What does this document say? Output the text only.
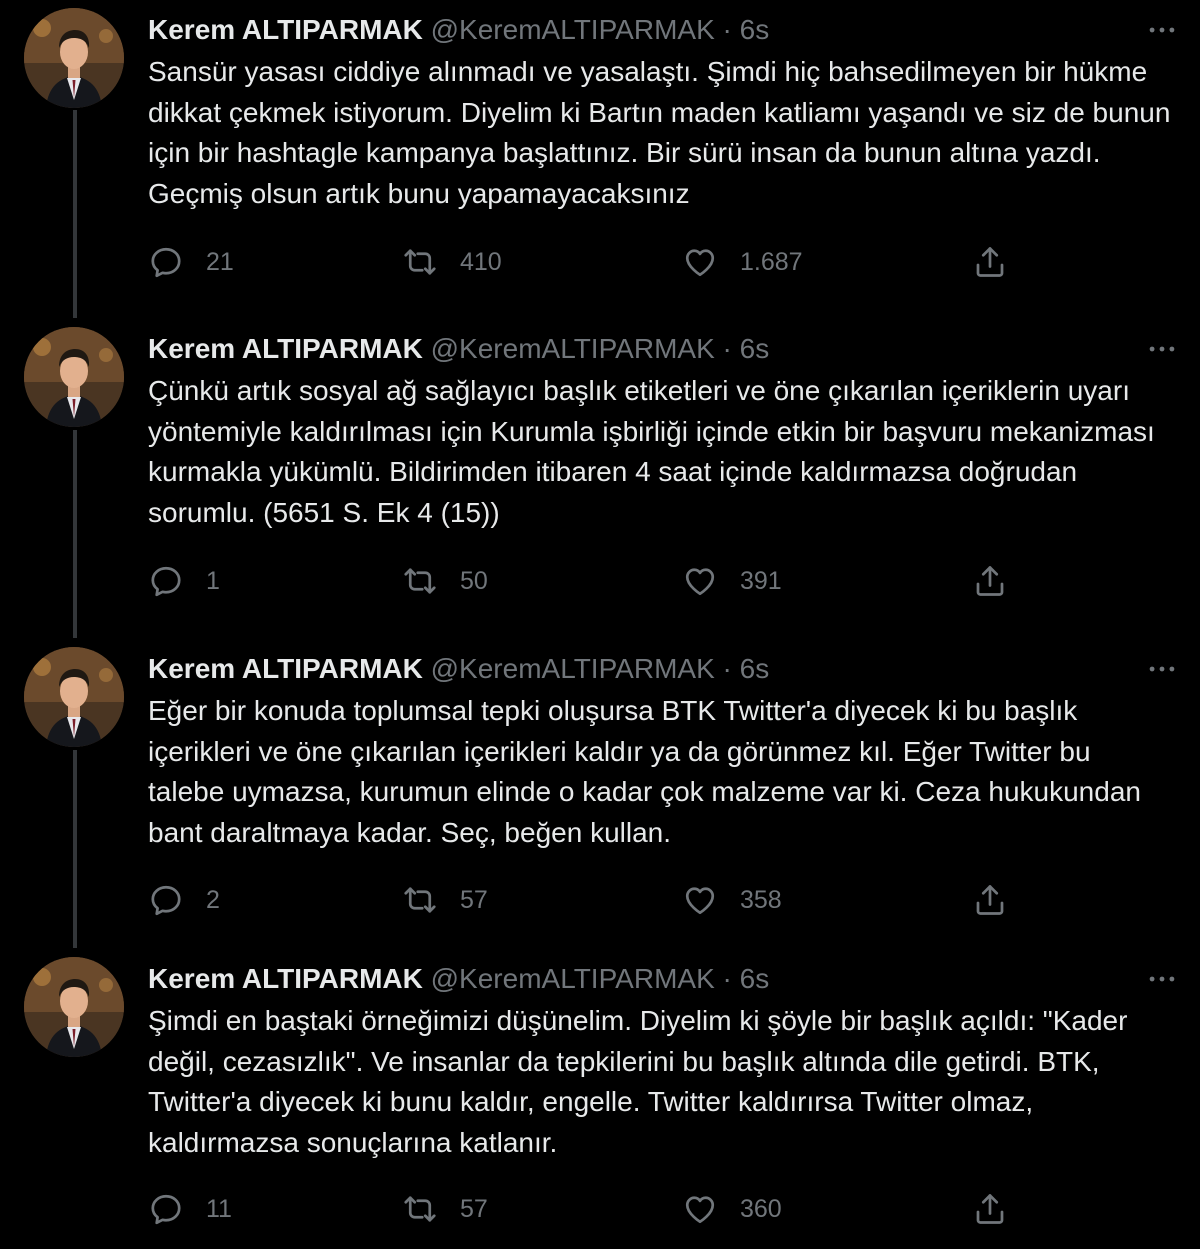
Kerem ALTIPARMAK @KeremALTIPARMAK · 6s
Sansür yasası ciddiye alınmadı ve yasalaştı. Şimdi hiç bahsedilmeyen bir hükme dikkat çekmek istiyorum. Diyelim ki Bartın maden katliamı yaşandı ve siz de bunun için bir hashtagle kampanya başlattınız. Bir sürü insan da bunun altına yazdı. Geçmiş olsun artık bunu yapamayacaksınız
21	410	1.687
Kerem ALTIPARMAK @KeremALTIPARMAK · 6s
Çünkü artık sosyal ağ sağlayıcı başlık etiketleri ve öne çıkarılan içeriklerin uyarı yöntemiyle kaldırılması için Kurumla işbirliği içinde etkin bir başvuru mekanizması kurmakla yükümlü. Bildirimden itibaren 4 saat içinde kaldırmazsa doğrudan sorumlu. (5651 S. Ek 4 (15))
1	50	391
Kerem ALTIPARMAK @KeremALTIPARMAK · 6s
Eğer bir konuda toplumsal tepki oluşursa BTK Twitter'a diyecek ki bu başlık içerikleri ve öne çıkarılan içerikleri kaldır ya da görünmez kıl. Eğer Twitter bu talebe uymazsa, kurumun elinde o kadar çok malzeme var ki. Ceza hukukundan bant daraltmaya kadar. Seç, beğen kullan.
2	57	358
Kerem ALTIPARMAK @KeremALTIPARMAK · 6s
Şimdi en baştaki örneğimizi düşünelim. Diyelim ki şöyle bir başlık açıldı: "Kader değil, cezasızlık". Ve insanlar da tepkilerini bu başlık altında dile getirdi. BTK, Twitter'a diyecek ki bunu kaldır, engelle. Twitter kaldırırsa Twitter olmaz, kaldırmazsa sonuçlarına katlanır.
11	57	360
